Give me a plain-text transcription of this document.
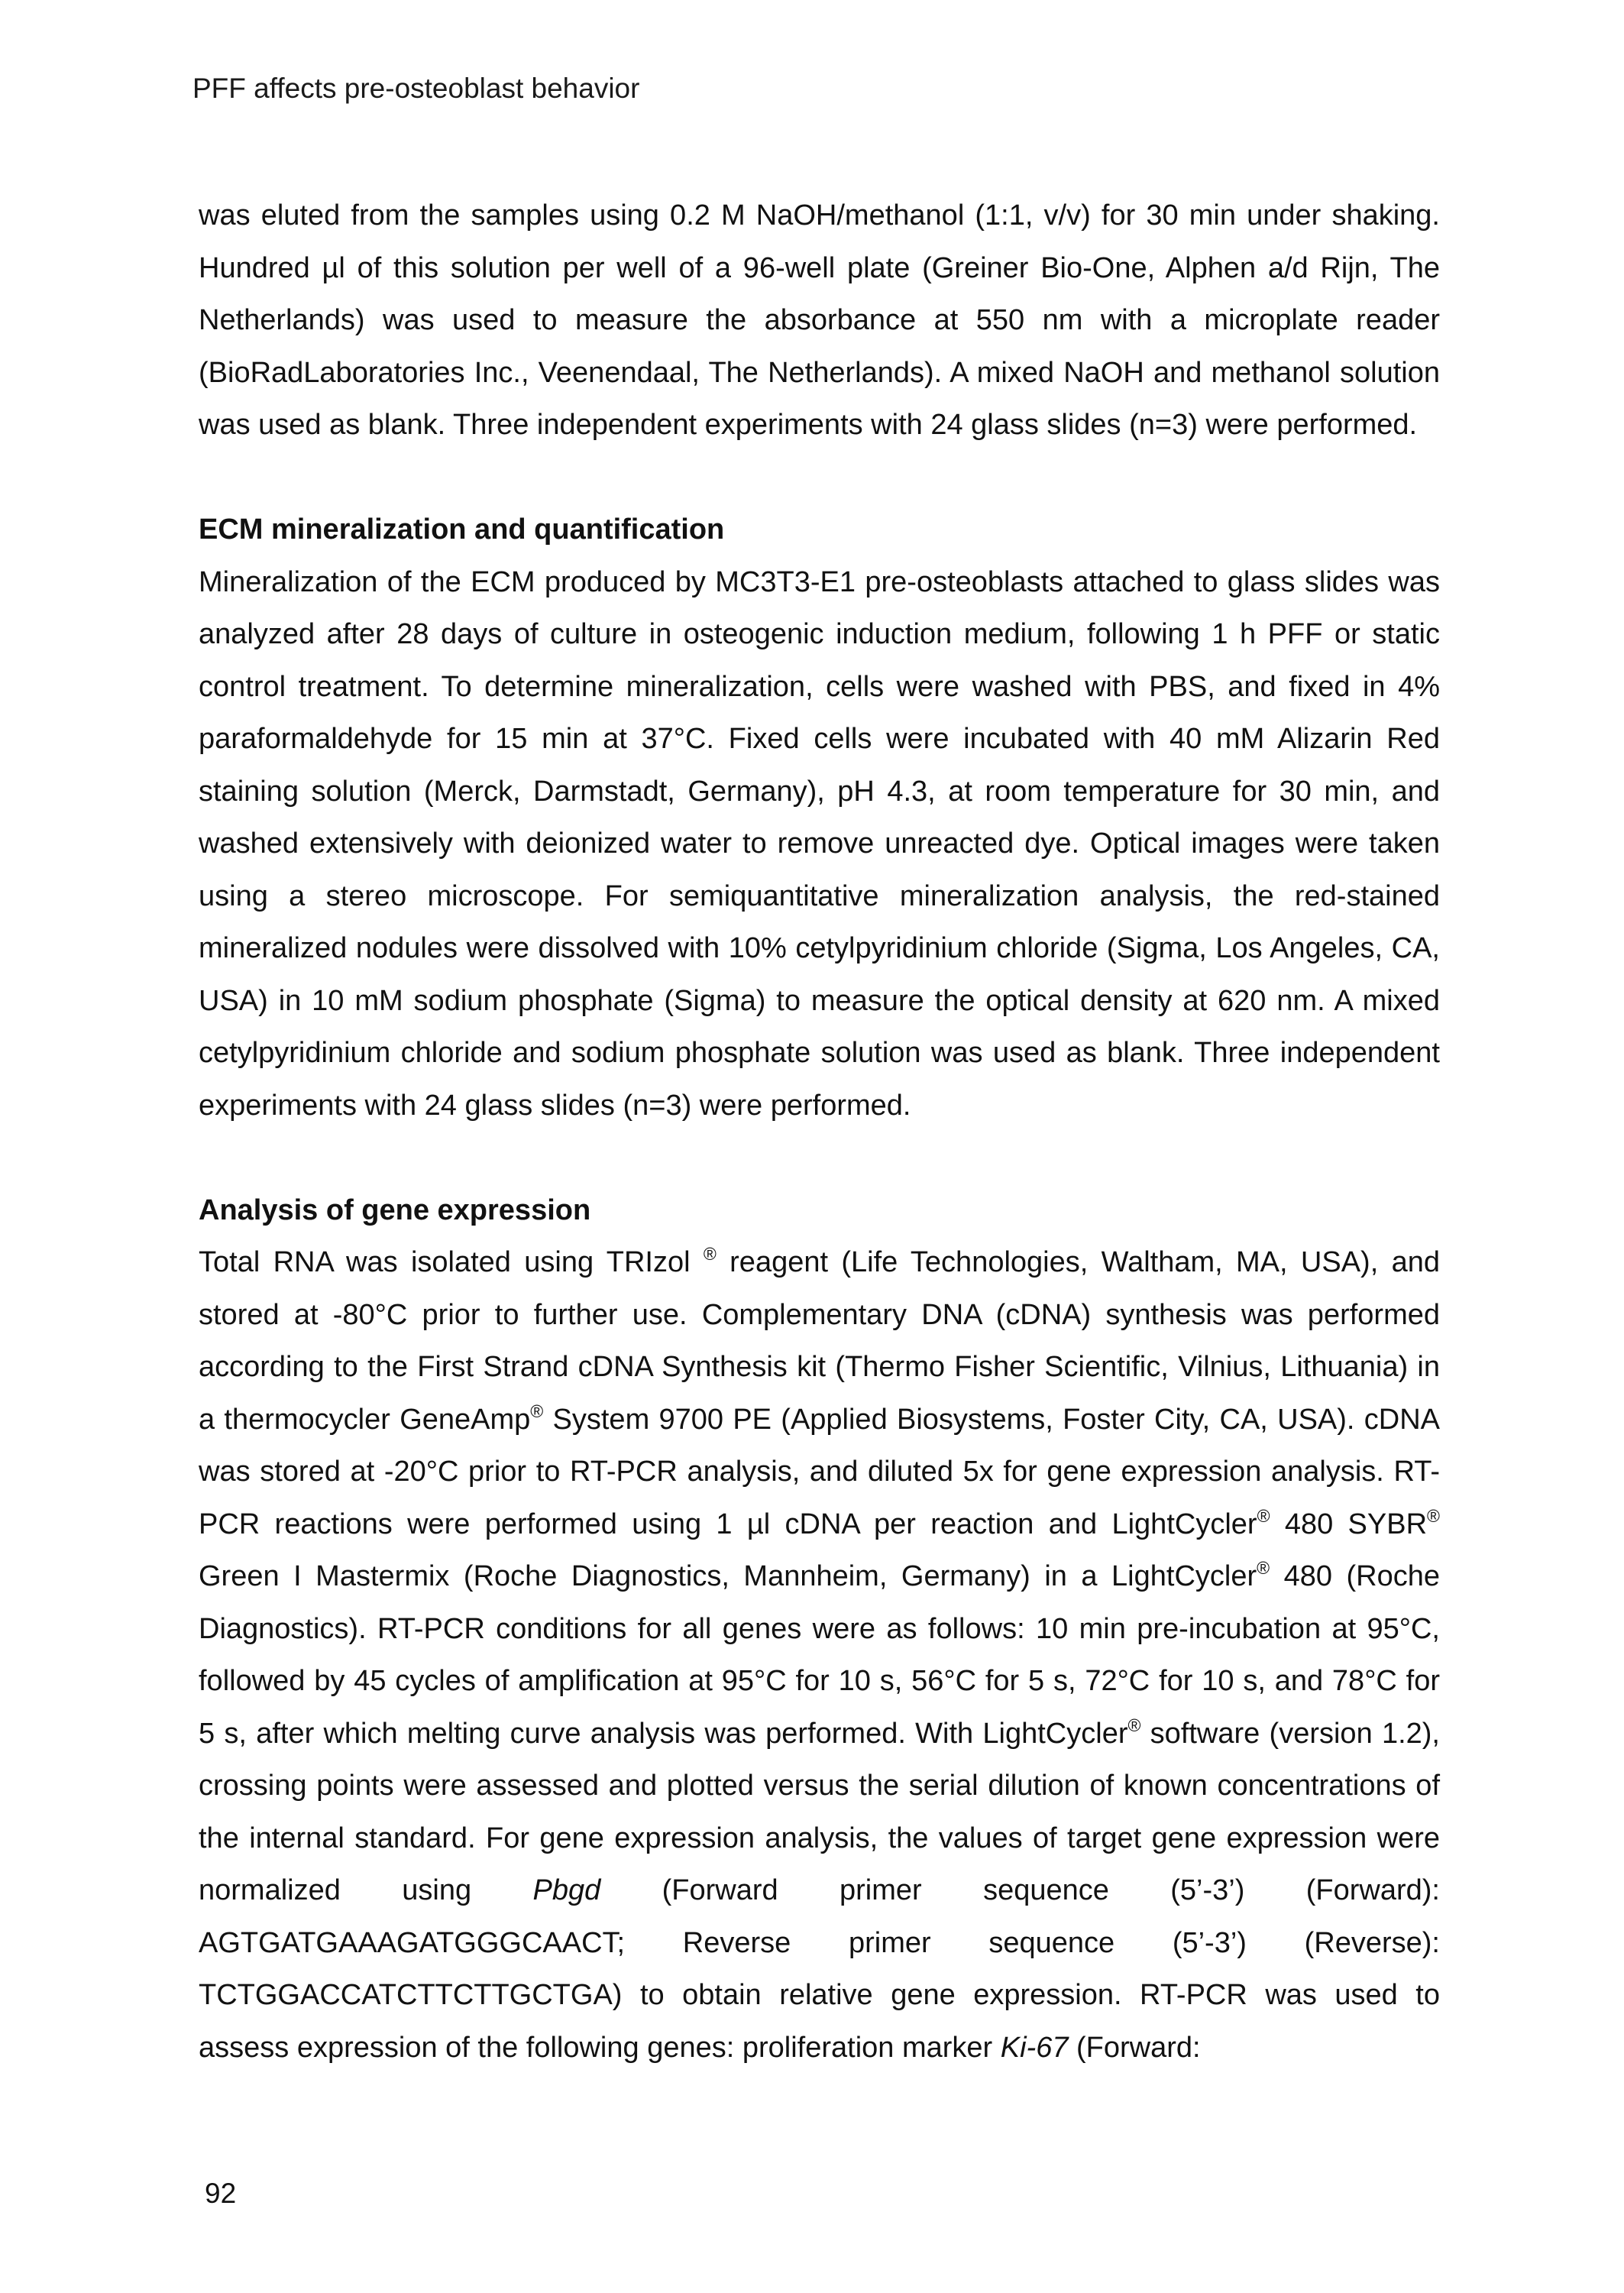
PFF affects pre-osteoblast behavior

was eluted from the samples using 0.2 M NaOH/methanol (1:1, v/v) for 30 min under shaking. Hundred µl of this solution per well of a 96-well plate (Greiner Bio-One, Alphen a/d Rijn, The Netherlands) was used to measure the absorbance at 550 nm with a microplate reader (BioRadLaboratories Inc., Veenendaal, The Netherlands). A mixed NaOH and methanol solution was used as blank. Three independent experiments with 24 glass slides (n=3) were performed.

ECM mineralization and quantification

Mineralization of the ECM produced by MC3T3-E1 pre-osteoblasts attached to glass slides was analyzed after 28 days of culture in osteogenic induction medium, following 1 h PFF or static control treatment. To determine mineralization, cells were washed with PBS, and fixed in 4% paraformaldehyde for 15 min at 37°C. Fixed cells were incubated with 40 mM Alizarin Red staining solution (Merck, Darmstadt, Germany), pH 4.3, at room temperature for 30 min, and washed extensively with deionized water to remove unreacted dye. Optical images were taken using a stereo microscope. For semiquantitative mineralization analysis, the red-stained mineralized nodules were dissolved with 10% cetylpyridinium chloride (Sigma, Los Angeles, CA, USA) in 10 mM sodium phosphate (Sigma) to measure the optical density at 620 nm. A mixed cetylpyridinium chloride and sodium phosphate solution was used as blank. Three independent experiments with 24 glass slides (n=3) were performed.

Analysis of gene expression

Total RNA was isolated using TRIzol ® reagent (Life Technologies, Waltham, MA, USA), and stored at -80°C prior to further use. Complementary DNA (cDNA) synthesis was performed according to the First Strand cDNA Synthesis kit (Thermo Fisher Scientific, Vilnius, Lithuania) in a thermocycler GeneAmp® System 9700 PE (Applied Biosystems, Foster City, CA, USA). cDNA was stored at -20°C prior to RT-PCR analysis, and diluted 5x for gene expression analysis. RT-PCR reactions were performed using 1 µl cDNA per reaction and LightCycler® 480 SYBR® Green I Mastermix (Roche Diagnostics, Mannheim, Germany) in a LightCycler® 480 (Roche Diagnostics). RT-PCR conditions for all genes were as follows: 10 min pre-incubation at 95°C, followed by 45 cycles of amplification at 95°C for 10 s, 56°C for 5 s, 72°C for 10 s, and 78°C for 5 s, after which melting curve analysis was performed. With LightCycler® software (version 1.2), crossing points were assessed and plotted versus the serial dilution of known concentrations of the internal standard. For gene expression analysis, the values of target gene expression were normalized using Pbgd (Forward primer sequence (5’-3’) (Forward): AGTGATGAAAGATGGGCAACT; Reverse primer sequence (5’-3’) (Reverse): TCTGGACCATCTTCTTGCTGA) to obtain relative gene expression. RT-PCR was used to assess expression of the following genes: proliferation marker Ki-67 (Forward:

92
